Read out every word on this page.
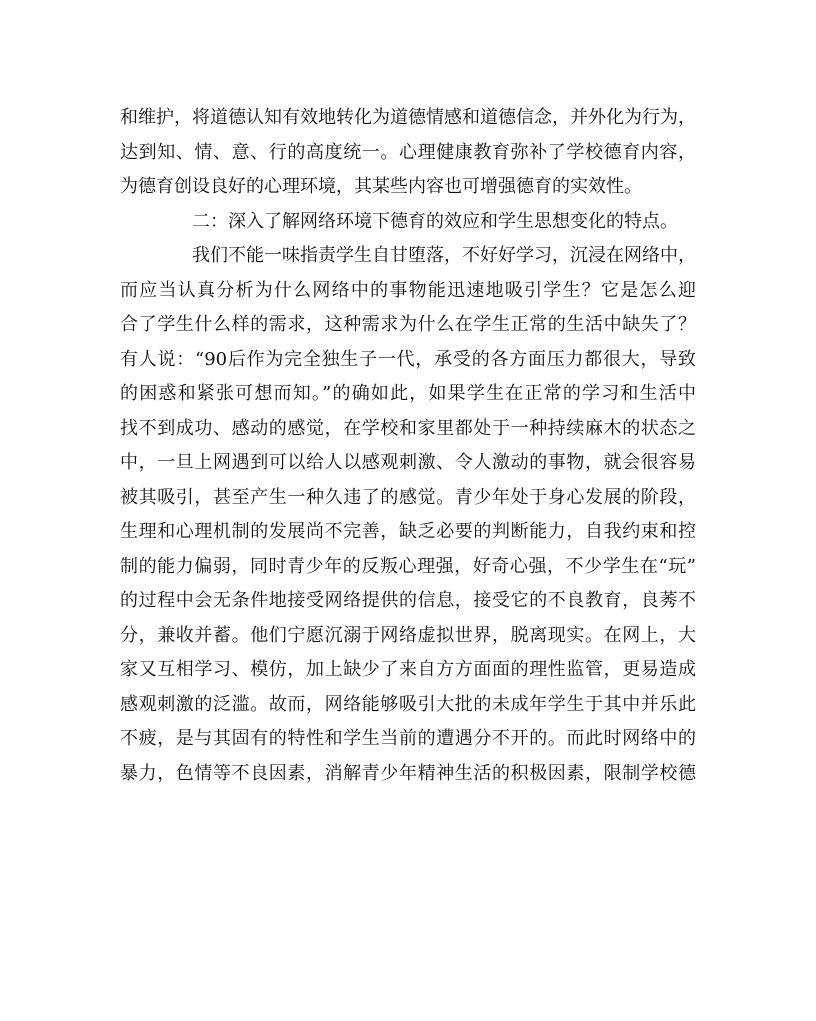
和维护，将道德认知有效地转化为道德情感和道德信念，并外化为行为，
达到知、情、意、行的高度统一。心理健康教育弥补了学校德育内容，
为德育创设良好的心理环境，其某些内容也可增强德育的实效性。
二：深入了解网络环境下德育的效应和学生思想变化的特点。
我们不能一味指责学生自甘堕落，不好好学习，沉浸在网络中，
而应当认真分析为什么网络中的事物能迅速地吸引学生？它是怎么迎
合了学生什么样的需求，这种需求为什么在学生正常的生活中缺失了？
有人说：“90后作为完全独生子一代，承受的各方面压力都很大，导致
的困惑和紧张可想而知。”的确如此，如果学生在正常的学习和生活中
找不到成功、感动的感觉，在学校和家里都处于一种持续麻木的状态之
中，一旦上网遇到可以给人以感观刺激、令人激动的事物，就会很容易
被其吸引，甚至产生一种久违了的感觉。青少年处于身心发展的阶段，
生理和心理机制的发展尚不完善，缺乏必要的判断能力，自我约束和控
制的能力偏弱，同时青少年的反叛心理强，好奇心强，不少学生在“玩”
的过程中会无条件地接受网络提供的信息，接受它的不良教育，良莠不
分，兼收并蓄。他们宁愿沉溺于网络虚拟世界，脱离现实。在网上，大
家又互相学习、模仿，加上缺少了来自方方面面的理性监管，更易造成
感观刺激的泛滥。故而，网络能够吸引大批的未成年学生于其中并乐此
不疲，是与其固有的特性和学生当前的遭遇分不开的。而此时网络中的
暴力，色情等不良因素，消解青少年精神生活的积极因素，限制学校德
